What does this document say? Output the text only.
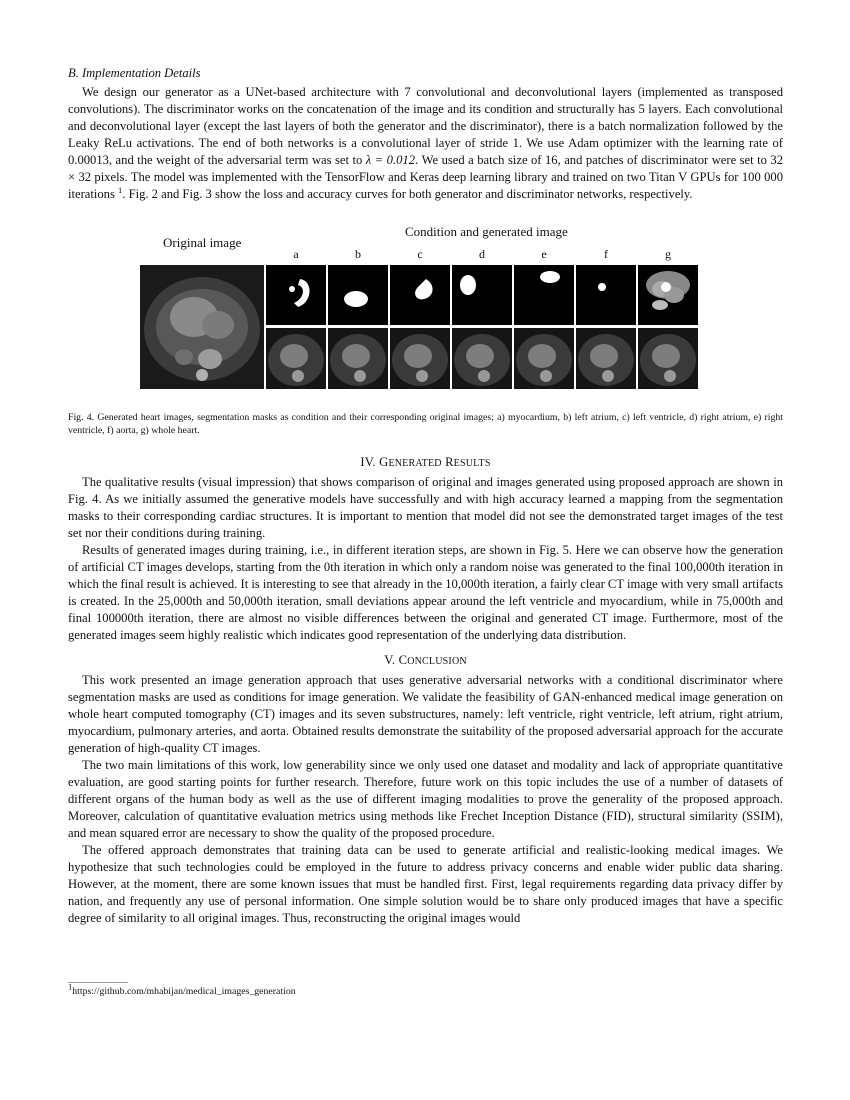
B. Implementation Details

We design our generator as a UNet-based architecture with 7 convolutional and deconvolutional layers (implemented as transposed convolutions). The discriminator works on the concatenation of the image and its condition and structurally has 5 layers. Each convolutional and deconvolutional layer (except the last layers of both the generator and the discriminator), there is a batch normalization followed by the Leaky ReLu activations. The end of both networks is a convolutional layer of stride 1. We use Adam optimizer with the learning rate of 0.00013, and the weight of the adversarial term was set to λ = 0.012. We used a batch size of 16, and patches of discriminator were set to 32 × 32 pixels. The model was implemented with the TensorFlow and Keras deep learning library and trained on two Titan V GPUs for 100 000 iterations $^1$. Fig. 2 and Fig. 3 show the loss and accuracy curves for both generator and discriminator networks, respectively.

Original image
Condition and generated image
a	b	c	d	e	f	g
Fig. 4. Generated heart images, segmentation masks as condition and their corresponding original images; a) myocardium, b) left atrium, c) left ventricle, d) right atrium, e) right ventricle, f) aorta, g) whole heart.
IV. GENERATED RESULTS

The qualitative results (visual impression) that shows comparison of original and images generated using proposed approach are shown in Fig. 4. As we initially assumed the generative models have successfully and with high accuracy learned a mapping from the segmentation masks to their corresponding cardiac structures. It is important to mention that model did not see the demonstrated target images of the test set nor their conditions during training.

Results of generated images during training, i.e., in different iteration steps, are shown in Fig. 5. Here we can observe how the generation of artificial CT images develops, starting from the 0th iteration in which only a random noise was generated to the final 100,000th iteration in which the final result is achieved. It is interesting to see that already in the 10,000th iteration, a fairly clear CT image with very small artifacts is created. In the 25,000th and 50,000th iteration, small deviations appear around the left ventricle and myocardium, while in 75,000th and final 100000th iteration, there are almost no visible differences between the original and generated CT image. Furthermore, most of the generated images seem highly realistic which indicates good representation of the underlying data distribution.

V. CONCLUSION

This work presented an image generation approach that uses generative adversarial networks with a conditional discriminator where segmentation masks are used as conditions for image generation. We validate the feasibility of GAN-enhanced medical image generation on whole heart computed tomography (CT) images and its seven substructures, namely: left ventricle, right ventricle, left atrium, right atrium, myocardium, pulmonary arteries, and aorta. Obtained results demonstrate the suitability of the proposed adversarial approach for the accurate generation of high-quality CT images.

The two main limitations of this work, low generability since we only used one dataset and modality and lack of appropriate quantitative evaluation, are good starting points for further research. Therefore, future work on this topic includes the use of a number of datasets of different organs of the human body as well as the use of different imaging modalities to prove the generality of the proposed approach. Moreover, calculation of quantitative evaluation metrics using methods like Frechet Inception Distance (FID), structural similarity (SSIM), and mean squared error are necessary to show the quality of the proposed procedure.

The offered approach demonstrates that training data can be used to generate artificial and realistic-looking medical images. We hypothesize that such technologies could be employed in the future to address privacy concerns and enable wider public data sharing. However, at the moment, there are some known issues that must be handled first. First, legal requirements regarding data privacy differ by nation, and frequently any use of personal information. One simple solution would be to share only produced images that have a specific degree of similarity to all original images. Thus, reconstructing the original images would

1https://github.com/mhabijan/medical_images_generation
